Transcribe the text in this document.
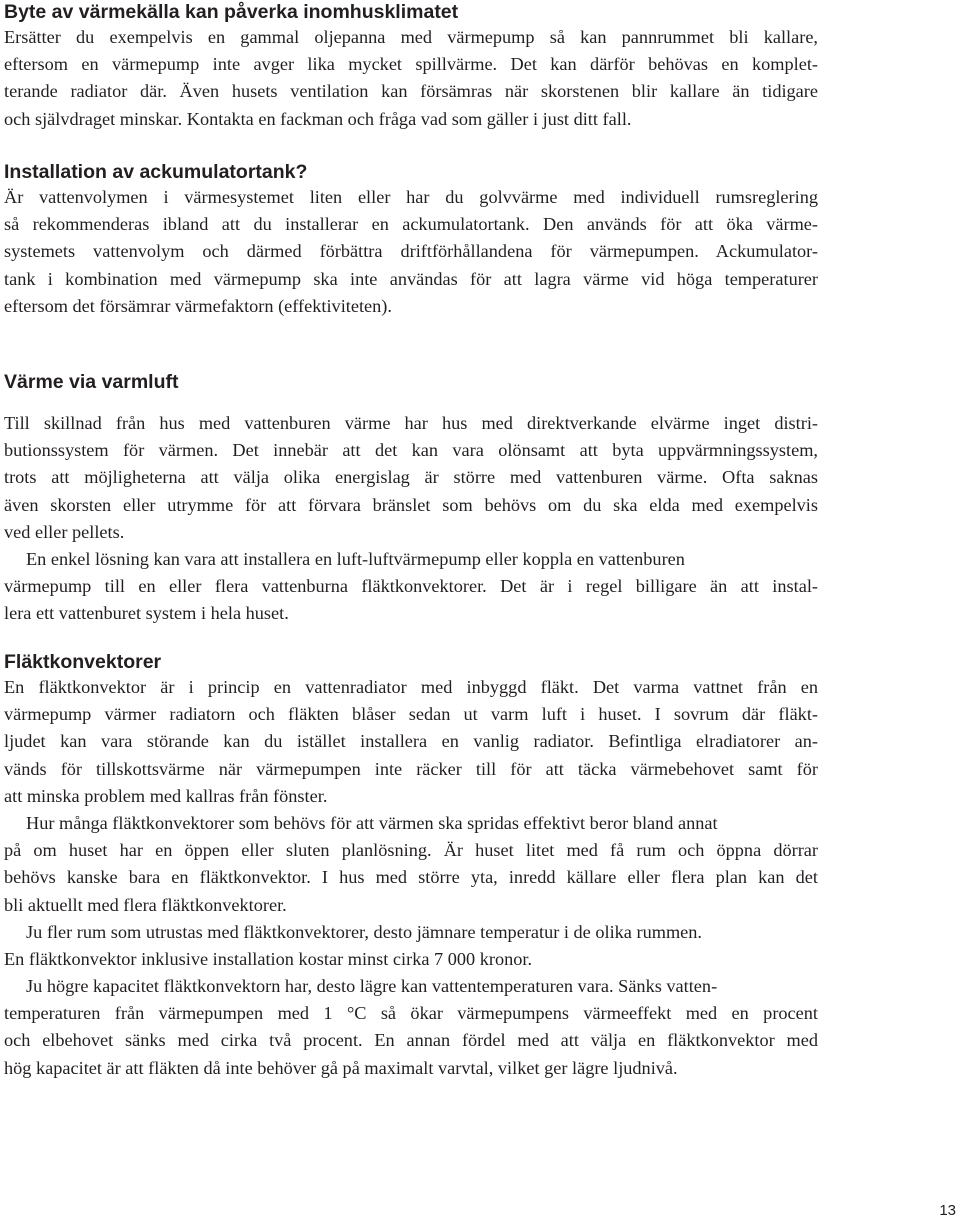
Byte av värmekälla kan påverka inomhusklimatet
Ersätter du exempelvis en gammal oljepanna med värmepump så kan pannrummet bli kallare,
eftersom en värmepump inte avger lika mycket spillvärme. Det kan därför behövas en komplet-
terande radiator där. Även husets ventilation kan försämras när skorstenen blir kallare än tidigare
och självdraget minskar. Kontakta en fackman och fråga vad som gäller i just ditt fall.
Installation av ackumulatortank?
Är vattenvolymen i värmesystemet liten eller har du golvvärme med individuell rumsreglering
så rekommenderas ibland att du installerar en ackumulatortank. Den används för att öka värme-
systemets vattenvolym och därmed förbättra driftförhållandena för värmepumpen. Ackumulator-
tank i kombination med värmepump ska inte användas för att lagra värme vid höga temperaturer
eftersom det försämrar värmefaktorn (effektiviteten).
Värme via varmluft
Till skillnad från hus med vattenburen värme har hus med direktverkande elvärme inget distri-
butionssystem för värmen. Det innebär att det kan vara olönsamt att byta uppvärmningssystem,
trots att möjligheterna att välja olika energislag är större med vattenburen värme. Ofta saknas
även skorsten eller utrymme för att förvara bränslet som behövs om du ska elda med exempelvis
ved eller pellets.
En enkel lösning kan vara att installera en luft-luftvärmepump eller koppla en vattenburen
värmepump till en eller flera vattenburna fläktkonvektorer. Det är i regel billigare än att instal-
lera ett vattenburet system i hela huset.
Fläktkonvektorer
En fläktkonvektor är i princip en vattenradiator med inbyggd fläkt. Det varma vattnet från en
värmepump värmer radiatorn och fläkten blåser sedan ut varm luft i huset. I sovrum där fläkt-
ljudet kan vara störande kan du istället installera en vanlig radiator. Befintliga elradiatorer an-
vänds för tillskottsvärme när värmepumpen inte räcker till för att täcka värmebehovet samt för
att minska problem med kallras från fönster.
Hur många fläktkonvektorer som behövs för att värmen ska spridas effektivt beror bland annat
på om huset har en öppen eller sluten planlösning. Är huset litet med få rum och öppna dörrar
behövs kanske bara en fläktkonvektor. I hus med större yta, inredd källare eller flera plan kan det
bli aktuellt med flera fläktkonvektorer.
Ju fler rum som utrustas med fläktkonvektorer, desto jämnare temperatur i de olika rummen.
En fläktkonvektor inklusive installation kostar minst cirka 7 000 kronor.
Ju högre kapacitet fläktkonvektorn har, desto lägre kan vattentemperaturen vara. Sänks vatten-
temperaturen från värmepumpen med 1 °C så ökar värmepumpens värmeeffekt med en procent
och elbehovet sänks med cirka två procent. En annan fördel med att välja en fläktkonvektor med
hög kapacitet är att fläkten då inte behöver gå på maximalt varvtal, vilket ger lägre ljudnivå.
13
